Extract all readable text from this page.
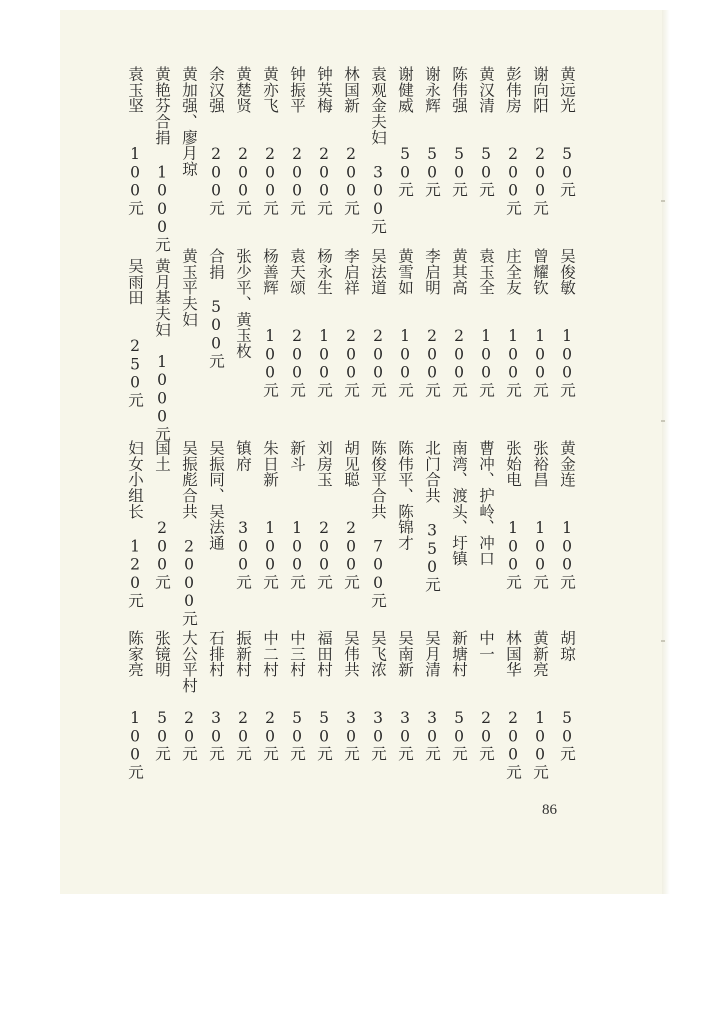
黄远光　　50元
谢向阳　　200元
彭伟房　　200元
黄汉清　　50元
陈伟强　　50元
谢永辉　　50元
谢健威　　50元
袁观金夫妇 300元
林国新　　200元
钟英梅　　200元
钟振平　　200元
黄亦飞　　200元
黄楚贤　　200元
余汉强　　200元
黄加强、廖月琼
黄艳芬合捐 1000元
袁玉坚　　100元
吴俊敏　　100元
曾耀钦　　100元
庄全友　　100元
袁玉全　　100元
黄其高　　200元
李启明　　200元
黄雪如　　100元
吴法道　　200元
李启祥　　200元
杨永生　　100元
袁天颂　　200元
杨善辉　　100元
张少平、黄玉枚
合捐 500元
黄玉平夫妇
黄月基夫妇　1000元
吴雨田　　250元
黄金连　　100元
张裕昌　　100元
张始电　　100元
曹冲、护岭、冲口
南湾、渡头、圩镇
北门合共 350元
陈伟平、陈锦才
陈俊平合共 700元
胡见聪　　200元
刘房玉　　200元
新斗　　　100元
朱日新　　100元
镇府　　　300元
吴振同、吴法通
吴振彪合共 2000元
国土　　　200元
妇女小组长 120元
胡琼　　　50元
黄新亮　　100元
林国华　　200元
中一　　　20元
新塘村　　50元
吴月清　　30元
吴南新　　30元
吴飞浓　　30元
吴伟共　　30元
福田村　　50元
中三村　　50元
中二村　　20元
振新村　　20元
石排村　　30元
大公平村　20元
张镜明　　50元
陈家亮　　100元
86
